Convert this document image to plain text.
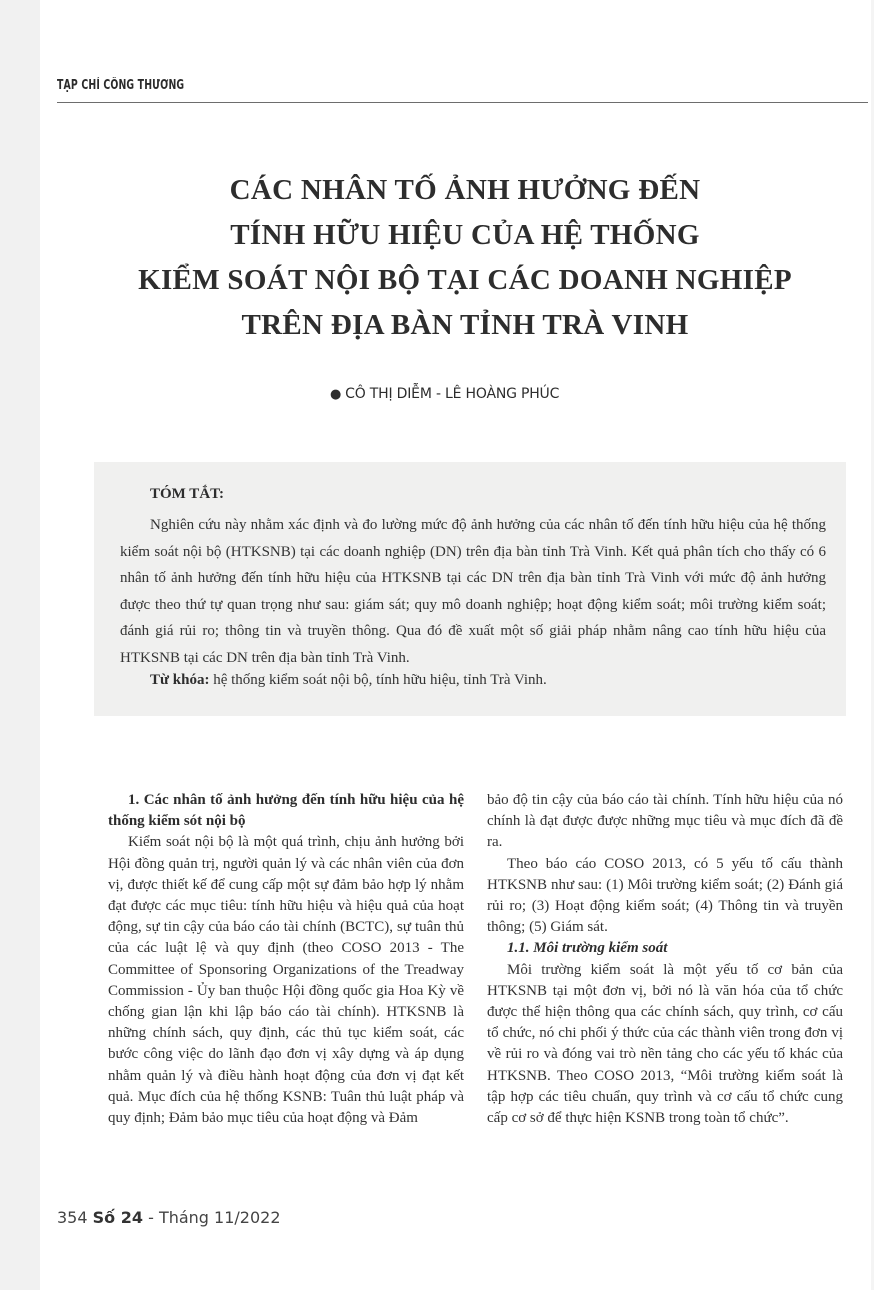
TẠP CHÍ CÔNG THƯƠNG
CÁC NHÂN TỐ ẢNH HƯỞNG ĐẾN
TÍNH HỮU HIỆU CỦA HỆ THỐNG
KIỂM SOÁT NỘI BỘ TẠI CÁC DOANH NGHIỆP
TRÊN ĐỊA BÀN TỈNH TRÀ VINH
● CÔ THỊ DIỄM - LÊ HOÀNG PHÚC
TÓM TẮT:
Nghiên cứu này nhằm xác định và đo lường mức độ ảnh hưởng của các nhân tố đến tính hữu hiệu của hệ thống kiểm soát nội bộ (HTKSNB) tại các doanh nghiệp (DN) trên địa bàn tỉnh Trà Vinh. Kết quả phân tích cho thấy có 6 nhân tố ảnh hưởng đến tính hữu hiệu của HTKSNB tại các DN trên địa bàn tỉnh Trà Vinh với mức độ ảnh hưởng được theo thứ tự quan trọng như sau: giám sát; quy mô doanh nghiệp; hoạt động kiểm soát; môi trường kiểm soát; đánh giá rủi ro; thông tin và truyền thông. Qua đó đề xuất một số giải pháp nhằm nâng cao tính hữu hiệu của HTKSNB tại các DN trên địa bàn tỉnh Trà Vinh.
Từ khóa: hệ thống kiểm soát nội bộ, tính hữu hiệu, tỉnh Trà Vinh.

1. Các nhân tố ảnh hưởng đến tính hữu hiệu của hệ thống kiểm sót nội bộ

Kiểm soát nội bộ là một quá trình, chịu ảnh hưởng bởi Hội đồng quản trị, người quản lý và các nhân viên của đơn vị, được thiết kế để cung cấp một sự đảm bảo hợp lý nhằm đạt được các mục tiêu: tính hữu hiệu và hiệu quả của hoạt động, sự tin cậy của báo cáo tài chính (BCTC), sự tuân thủ của các luật lệ và quy định (theo COSO 2013 - The Committee of Sponsoring Organizations of the Treadway Commission - Ủy ban thuộc Hội đồng quốc gia Hoa Kỳ về chống gian lận khi lập báo cáo tài chính). HTKSNB là những chính sách, quy định, các thủ tục kiểm soát, các bước công việc do lãnh đạo đơn vị xây dựng và áp dụng nhằm quản lý và điều hành hoạt động của đơn vị đạt kết quả. Mục đích của hệ thống KSNB: Tuân thủ luật pháp và quy định; Đảm bảo mục tiêu của hoạt động và Đảm

bảo độ tin cậy của báo cáo tài chính. Tính hữu hiệu của nó chính là đạt được được những mục tiêu và mục đích đã đề ra.

Theo báo cáo COSO 2013, có 5 yếu tố cấu thành HTKSNB như sau: (1) Môi trường kiểm soát; (2) Đánh giá rủi ro; (3) Hoạt động kiểm soát; (4) Thông tin và truyền thông; (5) Giám sát.

1.1. Môi trường kiểm soát

Môi trường kiểm soát là một yếu tố cơ bản của HTKSNB tại một đơn vị, bởi nó là văn hóa của tổ chức được thể hiện thông qua các chính sách, quy trình, cơ cấu tổ chức, nó chi phối ý thức của các thành viên trong đơn vị về rủi ro và đóng vai trò nền tảng cho các yếu tố khác của HTKSNB. Theo COSO 2013, “Môi trường kiểm soát là tập hợp các tiêu chuẩn, quy trình và cơ cấu tổ chức cung cấp cơ sở để thực hiện KSNB trong toàn tổ chức”.

354 Số 24 - Tháng 11/2022
